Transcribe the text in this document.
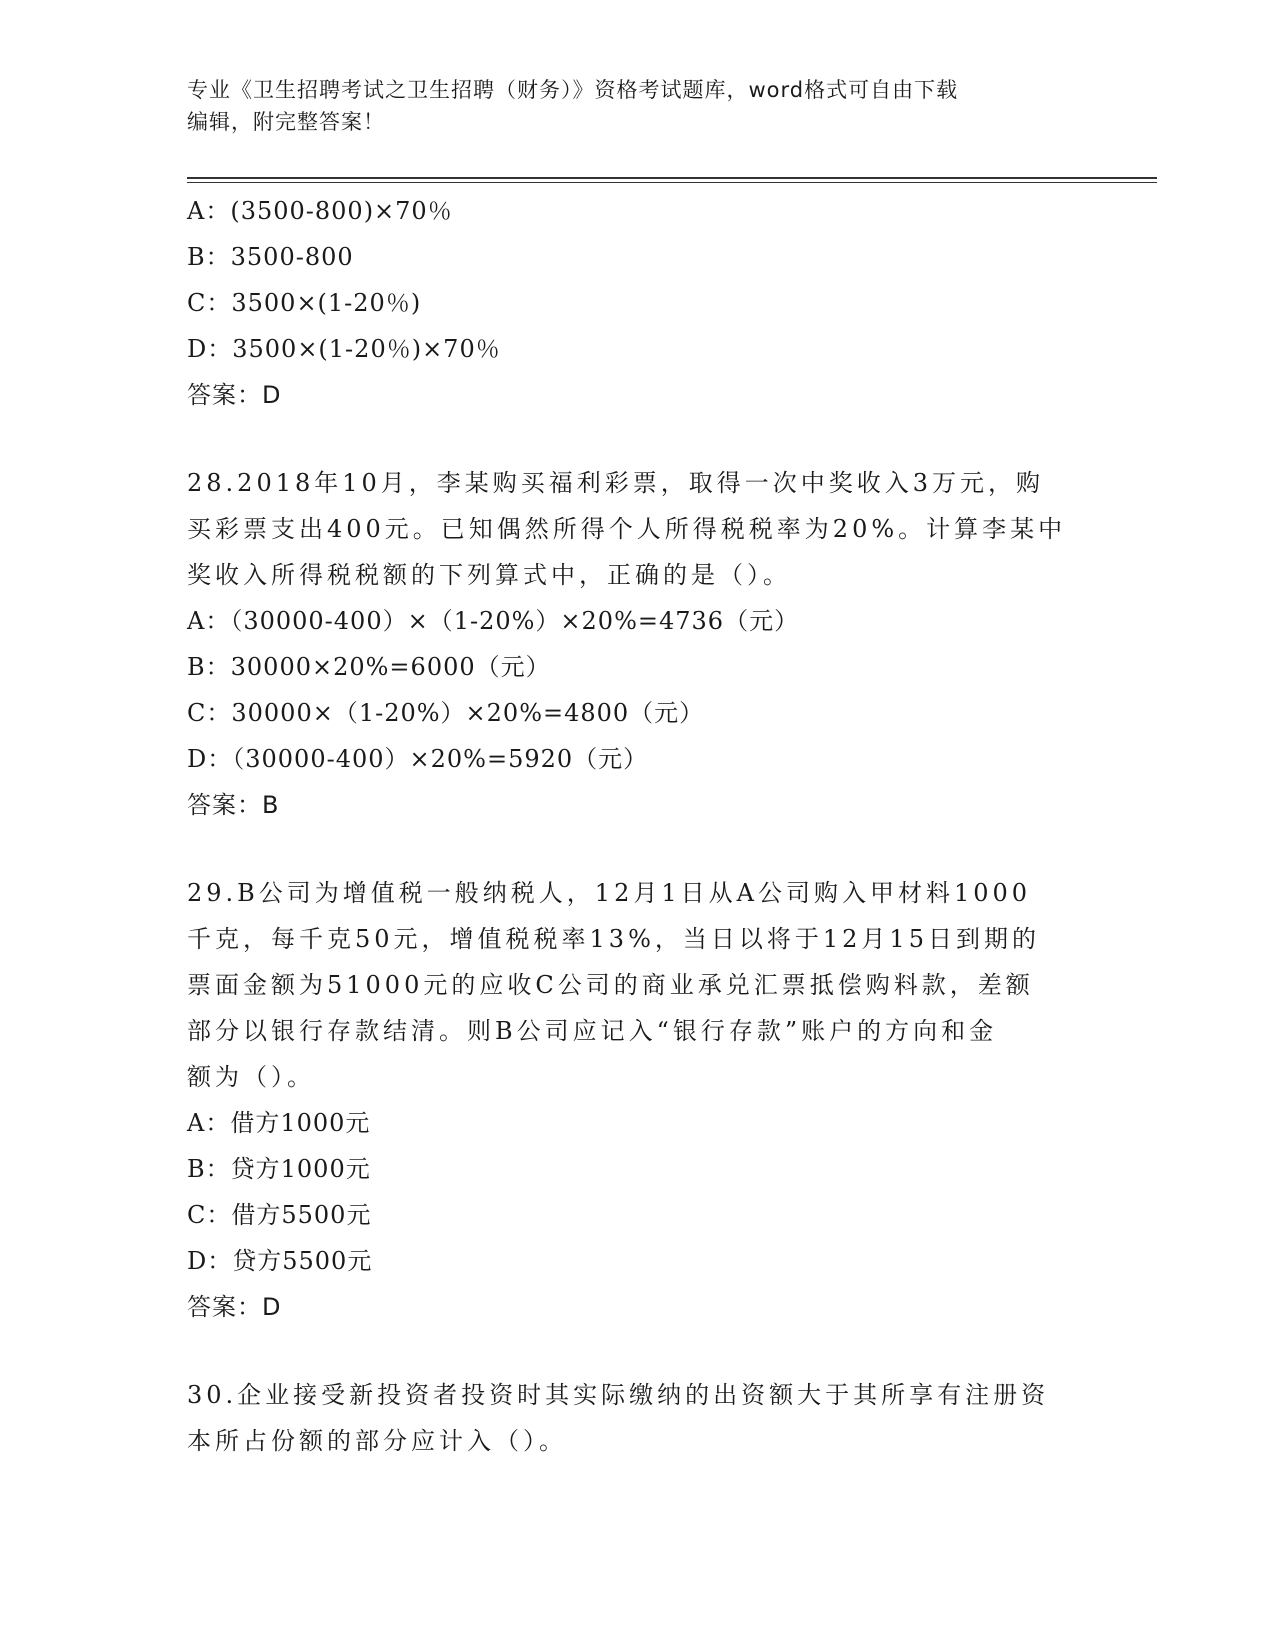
专业《卫生招聘考试之卫生招聘（财务）》资格考试题库，word格式可自由下载
编辑，附完整答案！
A：(3500-800)×70％
B：3500-800
C：3500×(1-20％)
D：3500×(1-20％)×70％
答案：D
28.2018年10月，李某购买福利彩票，取得一次中奖收入3万元，购
买彩票支出400元。已知偶然所得个人所得税税率为20%。计算李某中
奖收入所得税税额的下列算式中，正确的是（）。
A：（30000-400）×（1-20%）×20%=4736（元）
B：30000×20%=6000（元）
C：30000×（1-20%）×20%=4800（元）
D：（30000-400）×20%=5920（元）
答案：B
29.B公司为增值税一般纳税人，12月1日从A公司购入甲材料1000
千克，每千克50元，增值税税率13%，当日以将于12月15日到期的
票面金额为51000元的应收C公司的商业承兑汇票抵偿购料款，差额
部分以银行存款结清。则B公司应记入“银行存款”账户的方向和金
额为（）。
A：借方1000元
B：贷方1000元
C：借方5500元
D：贷方5500元
答案：D
30.企业接受新投资者投资时其实际缴纳的出资额大于其所享有注册资
本所占份额的部分应计入（）。
